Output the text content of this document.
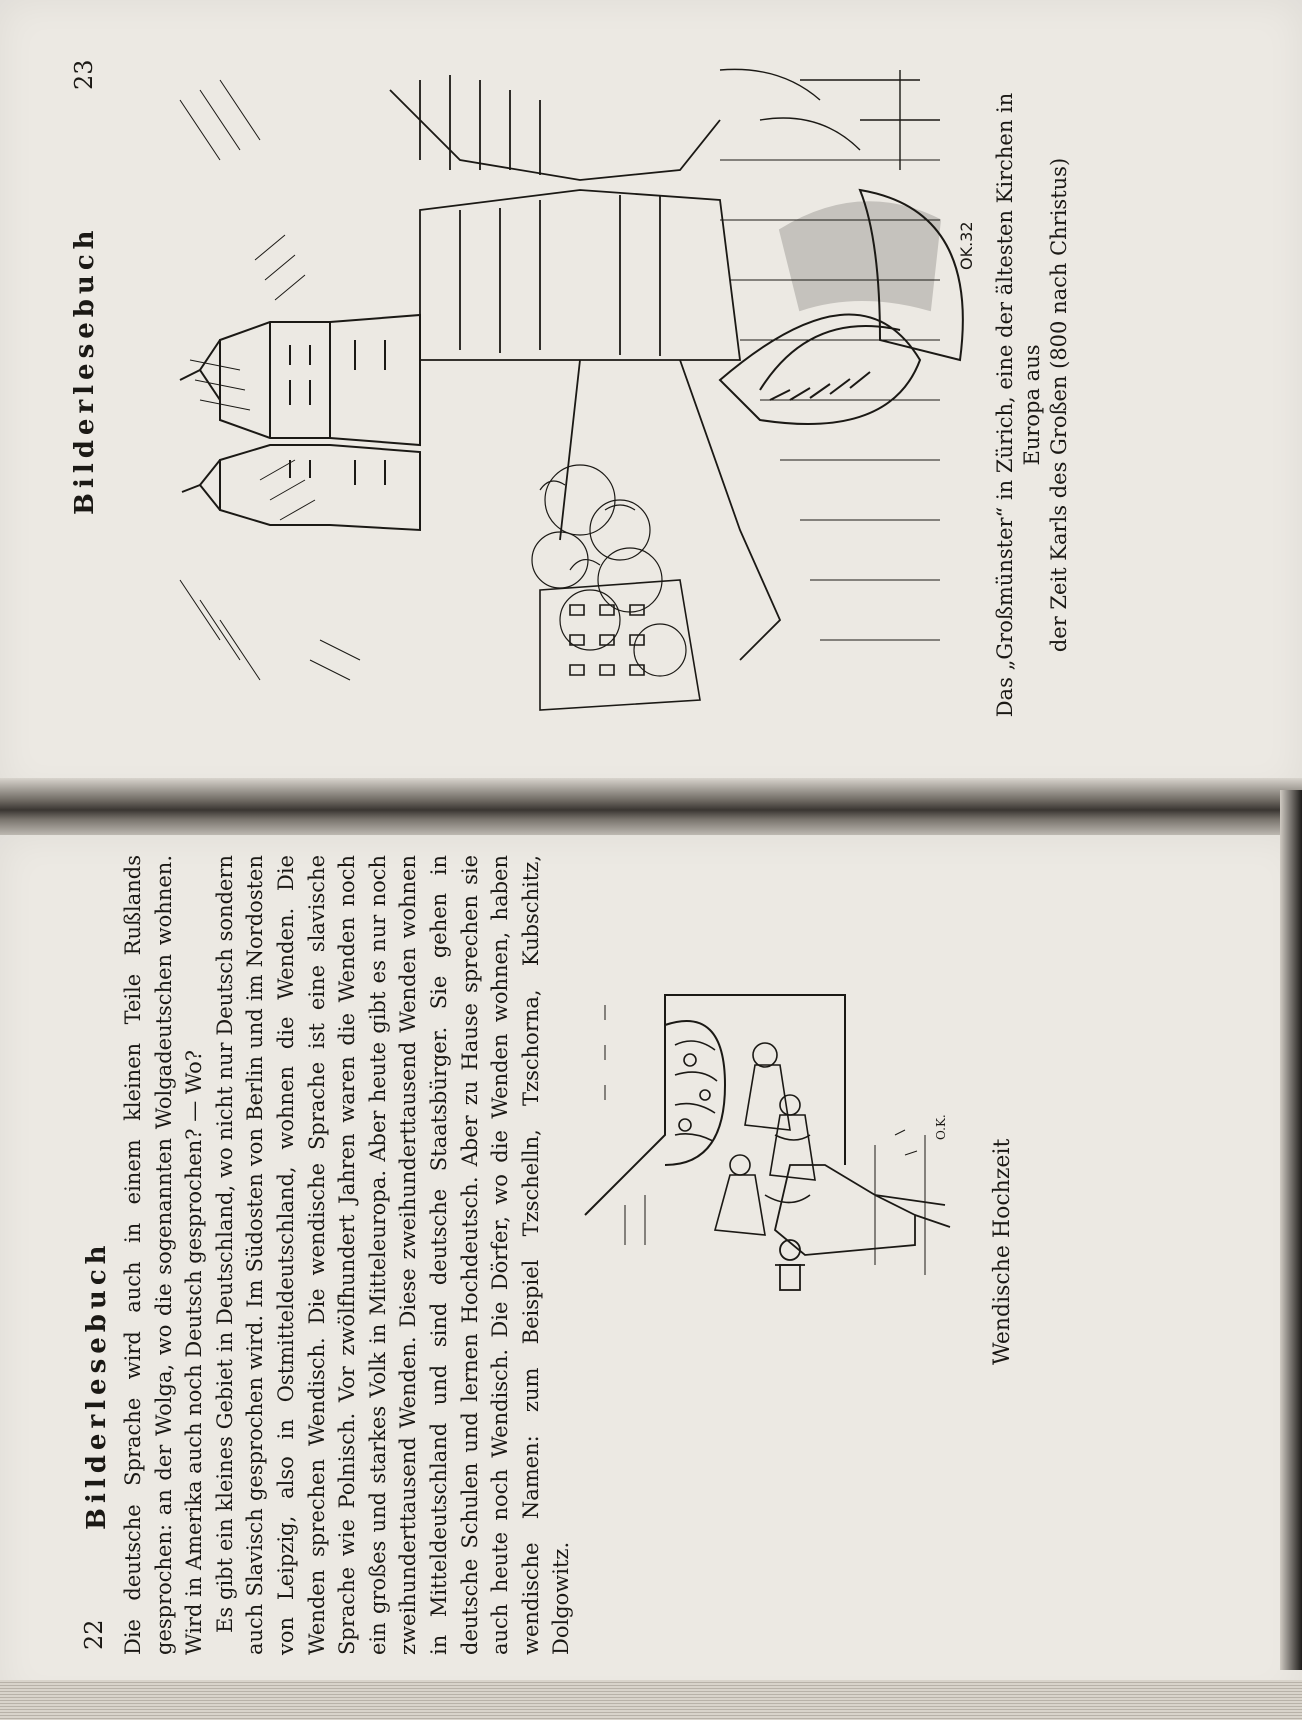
23
Bilderlesebuch	OK.32 Das „Großmünster“ in Zürich, eine der ältesten Kirchen in Europa aus der Zeit Karls des Großen (800 nach Christus)
22
Bilderlesebuch Die deutsche Sprache wird auch in einem kleinen Teile Rußlands gesprochen: an der Wolga, wo die sogenannten Wolgadeutschen wohnen. Wird in Amerika auch noch Deutsch gesprochen? — Wo? Es gibt ein kleines Gebiet in Deutschland, wo nicht nur Deutsch sondern auch Slavisch gesprochen wird. Im Südosten von Berlin und im Nordosten von Leipzig, also in Ostmitteldeutschland, wohnen die Wenden. Die Wenden sprechen Wendisch. Die wendische Sprache ist eine slavische Sprache wie Polnisch. Vor zwölfhundert Jahren waren die Wenden noch ein großes und starkes Volk in Mitteleuropa. Aber heute gibt es nur noch zweihunderttausend Wenden. Diese zweihunderttausend Wenden wohnen in Mitteldeutschland und sind deutsche Staatsbürger. Sie gehen in deutsche Schulen und lernen Hochdeutsch. Aber zu Hause sprechen sie auch heute noch Wendisch. Die Dörfer, wo die Wenden wohnen, haben wendische Namen: zum Beispiel Tzschelln, Tzschorna, Kubschitz, Dolgowitz.

O.K.
Wendische Hochzeit
